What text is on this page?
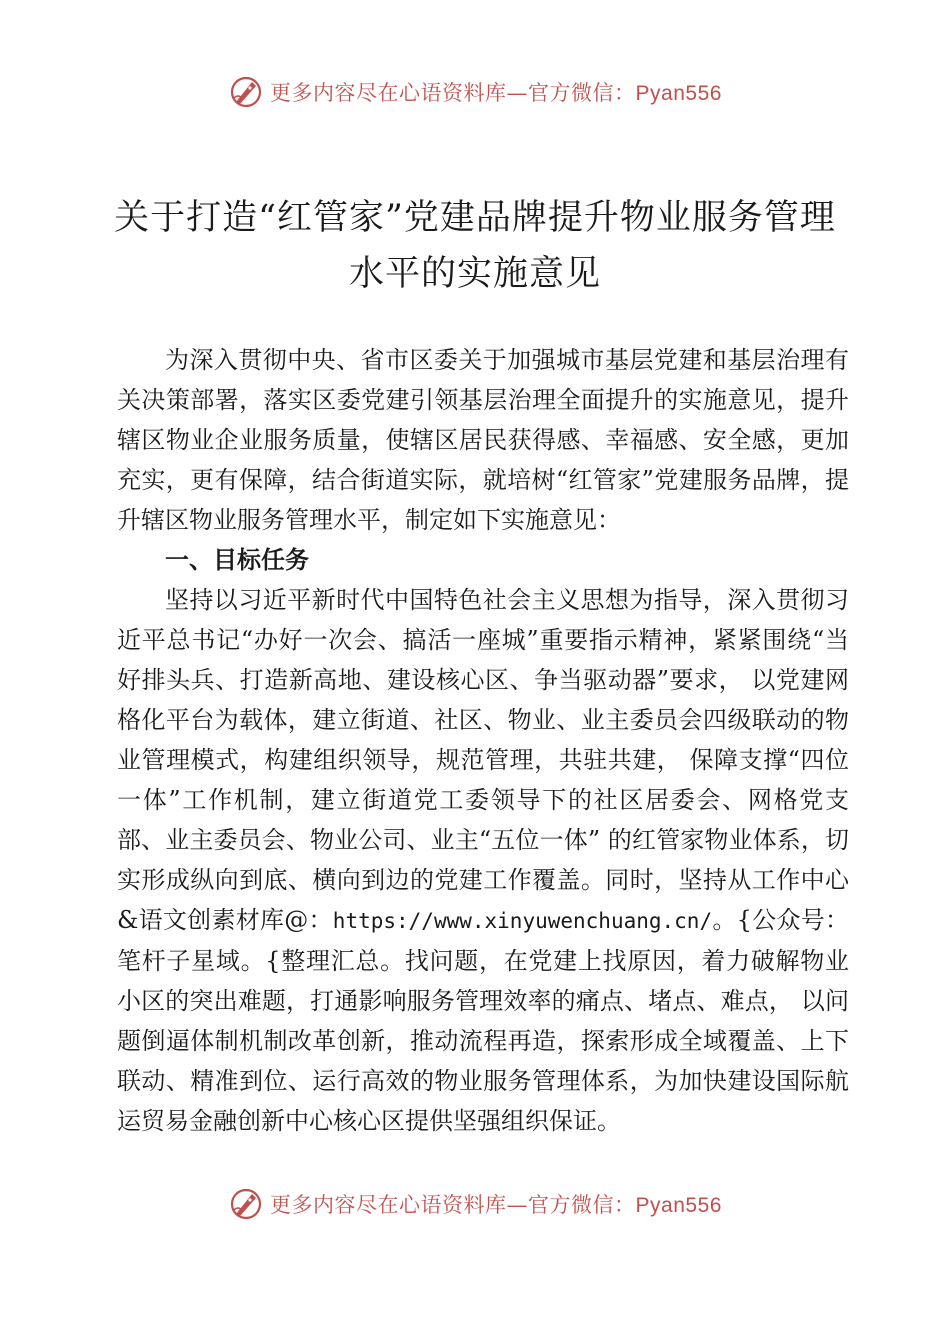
更多内容尽在心语资料库—官方微信：Pyan556
关于打造“红管家”党建品牌提升物业服务管理水平的实施意见

为深入贯彻中央、省市区委关于加强城市基层党建和基层治理有关决策部署，落实区委党建引领基层治理全面提升的实施意见，提升辖区物业企业服务质量，使辖区居民获得感、幸福感、安全感，更加充实，更有保障，结合街道实际，就培树“红管家”党建服务品牌，提升辖区物业服务管理水平，制定如下实施意见：

一、目标任务

坚持以习近平新时代中国特色社会主义思想为指导，深入贯彻习近平总书记“办好一次会、搞活一座城”重要指示精神，紧紧围绕“当好排头兵、打造新高地、建设核心区、争当驱动器”要求， 以党建网格化平台为载体，建立街道、社区、物业、业主委员会四级联动的物业管理模式，构建组织领导，规范管理，共驻共建， 保障支撑“四位一体”工作机制，建立街道党工委领导下的社区居委会、网格党支部、业主委员会、物业公司、业主“五位一体” 的红管家物业体系，切实形成纵向到底、横向到边的党建工作覆盖。同时，坚持从工作中心&语文创素材库@：https://www.xinyuwenchuang.cn/。{公众号：笔杆子星域。{整理汇总。找问题，在党建上找原因，着力破解物业小区的突出难题，打通影响服务管理效率的痛点、堵点、难点， 以问题倒逼体制机制改革创新，推动流程再造，探索形成全域覆盖、上下联动、精准到位、运行高效的物业服务管理体系，为加快建设国际航运贸易金融创新中心核心区提供坚强组织保证。

更多内容尽在心语资料库—官方微信：Pyan556
